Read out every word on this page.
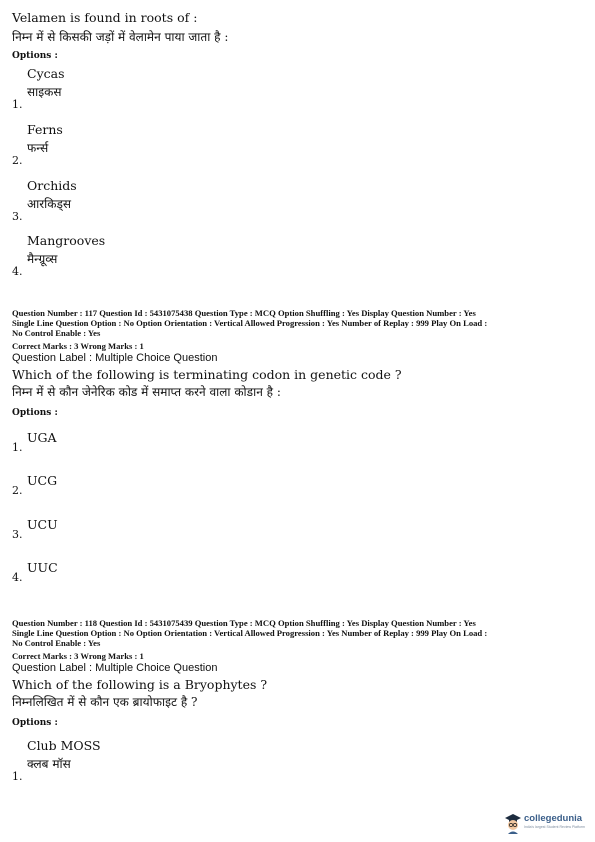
Velamen is found in roots of :
निम्न में से किसकी जड़ों में वेलामेन पाया जाता है :
Options :
Cycas
साइकस
1.
Ferns
फर्न्स
2.
Orchids
आरकिड्स
3.
Mangrooves
मैन्ग्रूव्स
4.
Question Number : 117 Question Id : 5431075438 Question Type : MCQ Option Shuffling : Yes Display Question Number : Yes
Single Line Question Option : No Option Orientation : Vertical Allowed Progression : Yes Number of Replay : 999 Play On Load :
No Control Enable : Yes
Correct Marks : 3 Wrong Marks : 1
Question Label : Multiple Choice Question
Which of the following is terminating codon in genetic code ?
निम्न में से कौन जेनेरिक कोड में समाप्त करने वाला कोडान है :
Options :
UGA
1.
UCG
2.
UCU
3.
UUC
4.
Question Number : 118 Question Id : 5431075439 Question Type : MCQ Option Shuffling : Yes Display Question Number : Yes
Single Line Question Option : No Option Orientation : Vertical Allowed Progression : Yes Number of Replay : 999 Play On Load :
No Control Enable : Yes
Correct Marks : 3 Wrong Marks : 1
Question Label : Multiple Choice Question
Which of the following is a Bryophytes ?
निम्नलिखित में से कौन एक ब्रायोफाइट है ?
Options :
Club MOSS
क्लब मॉस
1.
collegedunia
India's largest Student Review Platform
